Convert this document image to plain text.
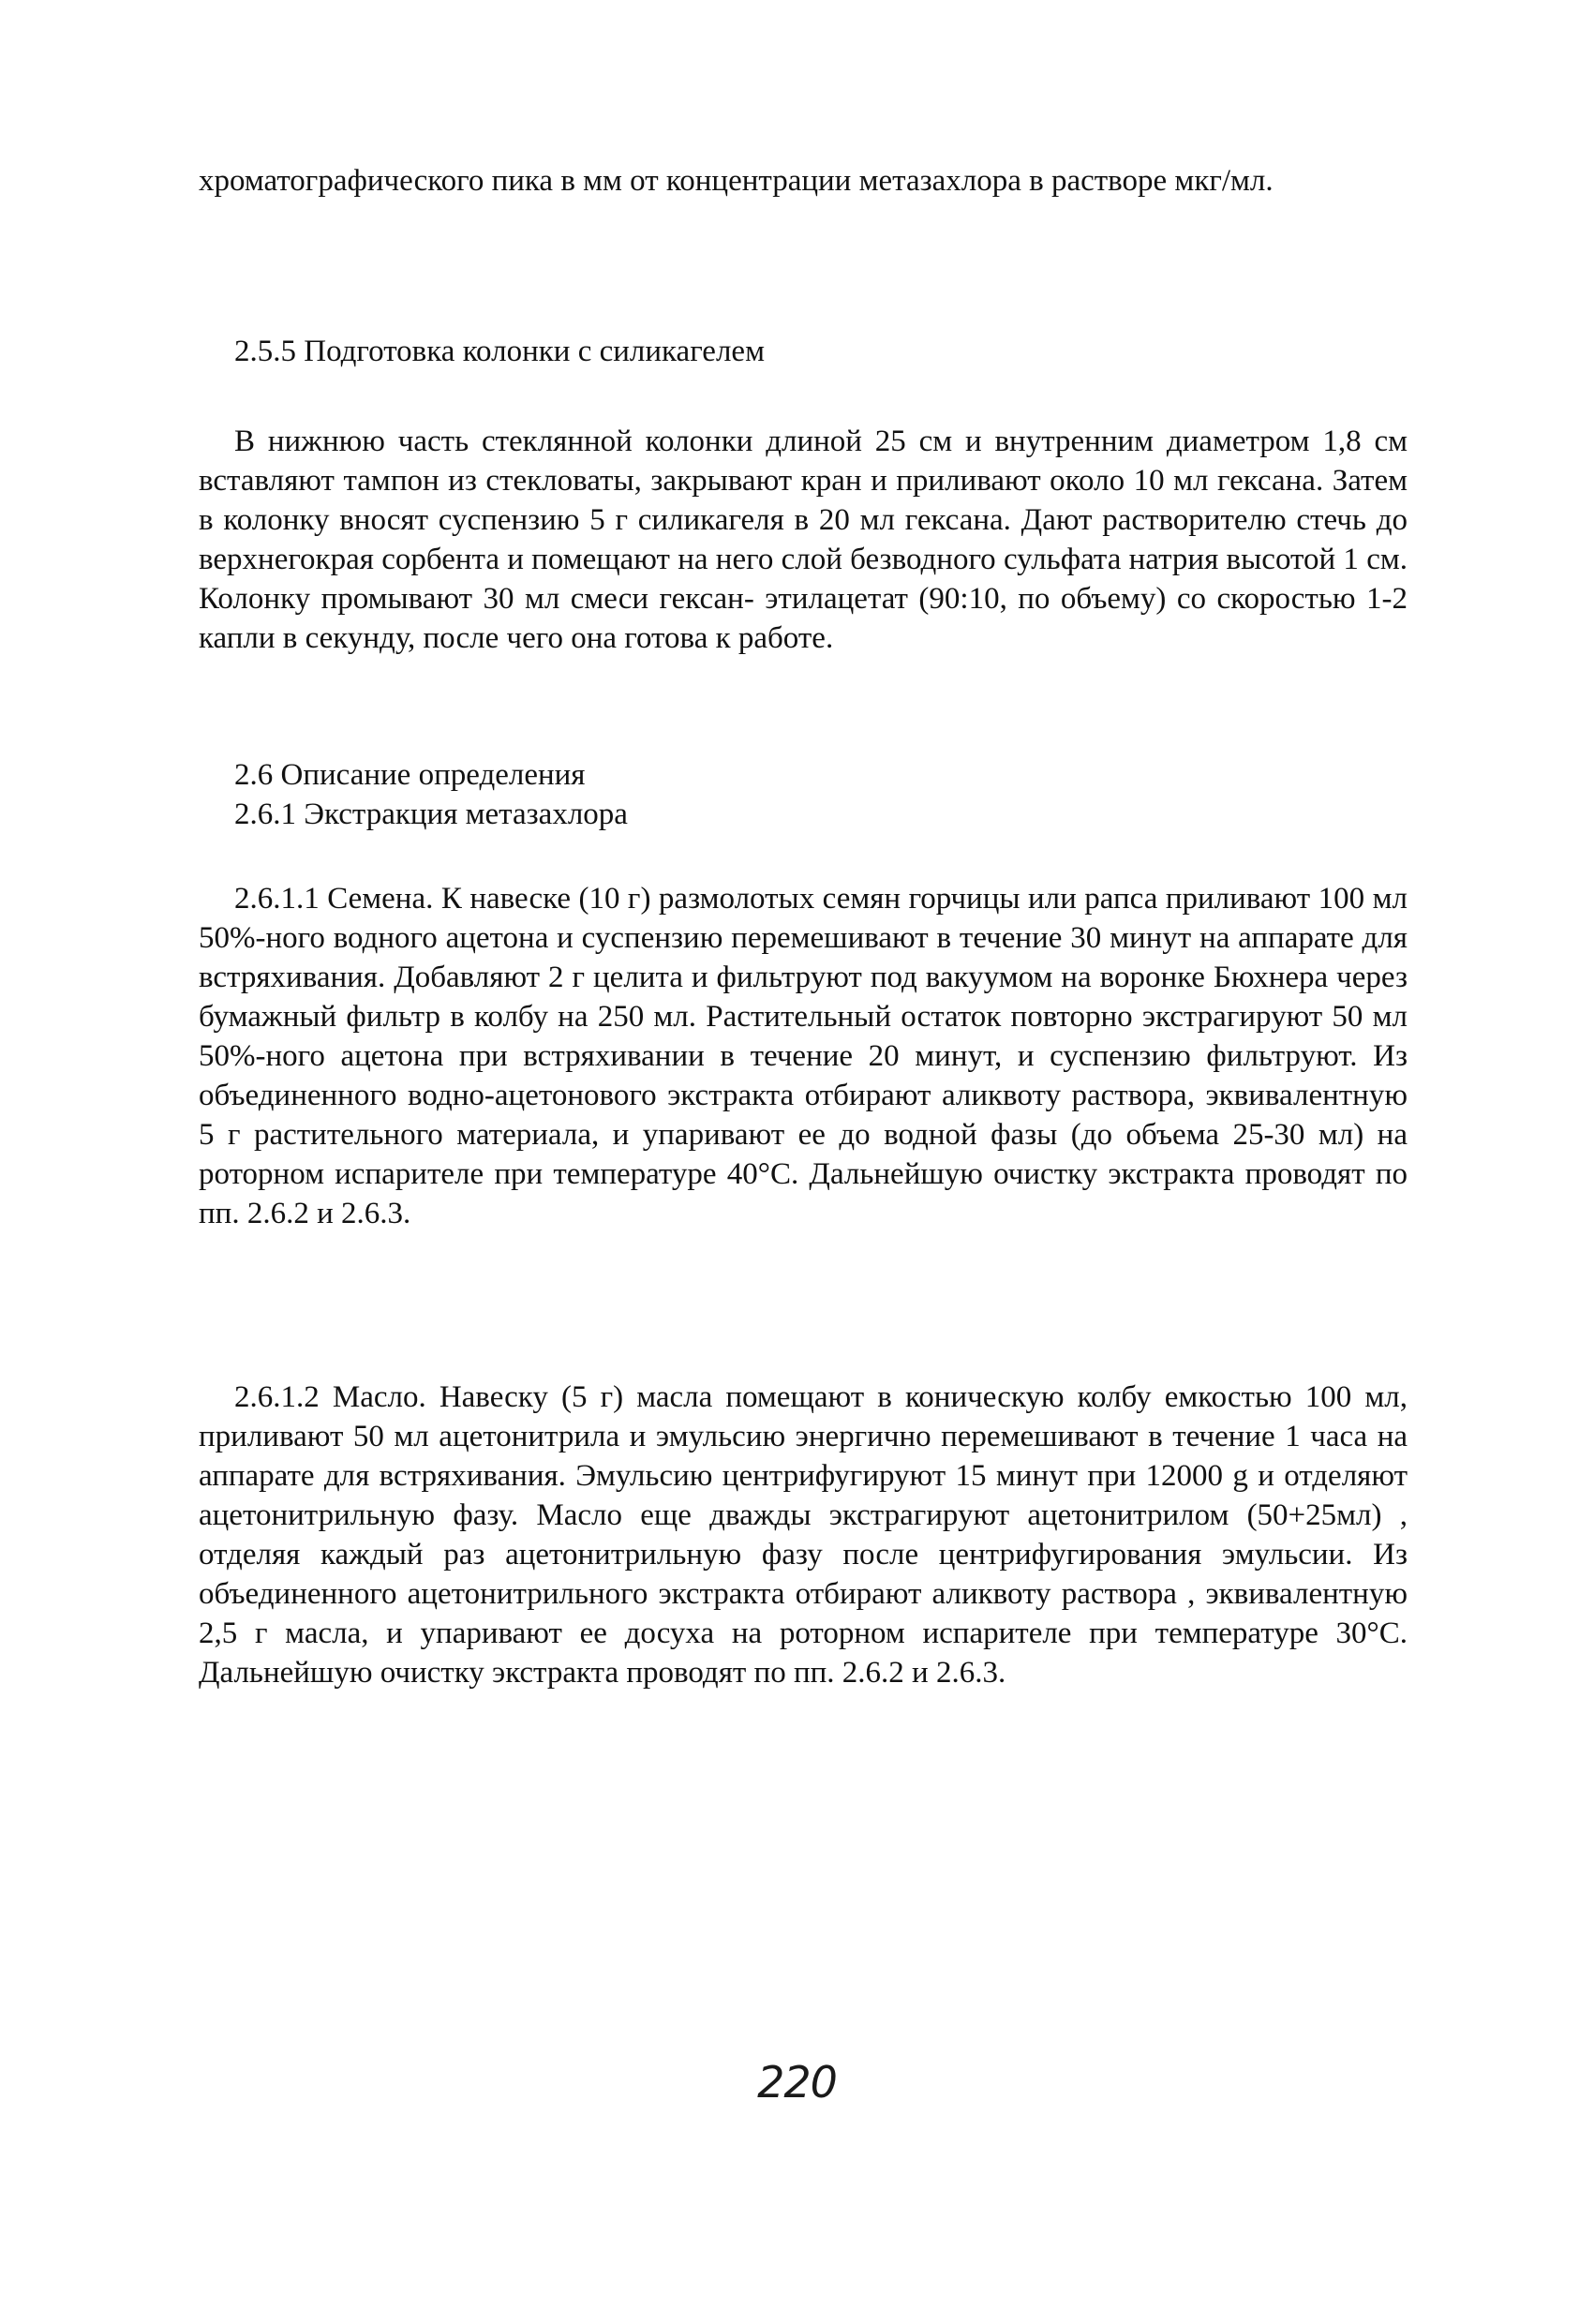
хроматографического пика в мм от концентрации метазахлора в растворе мкг/мл.

2.5.5 Подготовка колонки с силикагелем

В нижнюю часть стеклянной колонки длиной 25 см и внутренним диаметром 1,8 см вставляют тампон из стекловаты, закрывают кран и приливают около 10 мл гексана. Затем в колонку вносят суспензию 5 г силикагеля в 20 мл гексана. Дают растворителю стечь до верхнегокрая сорбента и помещают на него слой безводного сульфата натрия высотой 1 см. Колонку промывают 30 мл смеси гексан- этилацетат (90:10, по объему) со скоростью 1-2 капли в секунду, после чего она готова к работе.

2.6 Описание определения
2.6.1 Экстракция метазахлора

2.6.1.1 Семена. К навеске (10 г) размолотых семян горчицы или рапса приливают 100 мл 50%-ного водного ацетона и суспензию перемешивают в течение 30 минут на аппарате для встряхивания. Добавляют 2 г целита и фильтруют под вакуумом на воронке Бюхнера через бумажный фильтр в колбу на 250 мл. Растительный остаток повторно экстрагируют 50 мл 50%-ного ацетона при встряхивании в течение 20 минут, и суспензию фильтруют. Из объединенного водно-ацетонового экстракта отбирают аликвоту раствора, эквивалентную 5 г растительного материала, и упаривают ее до водной фазы (до объема 25-30 мл) на роторном испарителе при температуре 40°С. Дальнейшую очистку экстракта проводят по пп. 2.6.2 и 2.6.3.

2.6.1.2 Масло. Навеску (5 г) масла помещают в коническую колбу емкостью 100 мл, приливают 50 мл ацетонитрила и эмульсию энергично перемешивают в течение 1 часа на аппарате для встряхивания. Эмульсию центрифугируют 15 минут при 12000 g и отделяют ацетонитрильную фазу. Масло еще дважды экстрагируют ацетонитрилом (50+25мл) , отделяя каждый раз ацетонитрильную фазу после центрифугирования эмульсии. Из объединенного ацетонитрильного экстракта отбирают аликвоту раствора , эквивалентную 2,5 г масла, и упаривают ее досуха на роторном испарителе при температуре 30°С. Дальнейшую очистку экстракта проводят по пп. 2.6.2 и 2.6.3.

220
